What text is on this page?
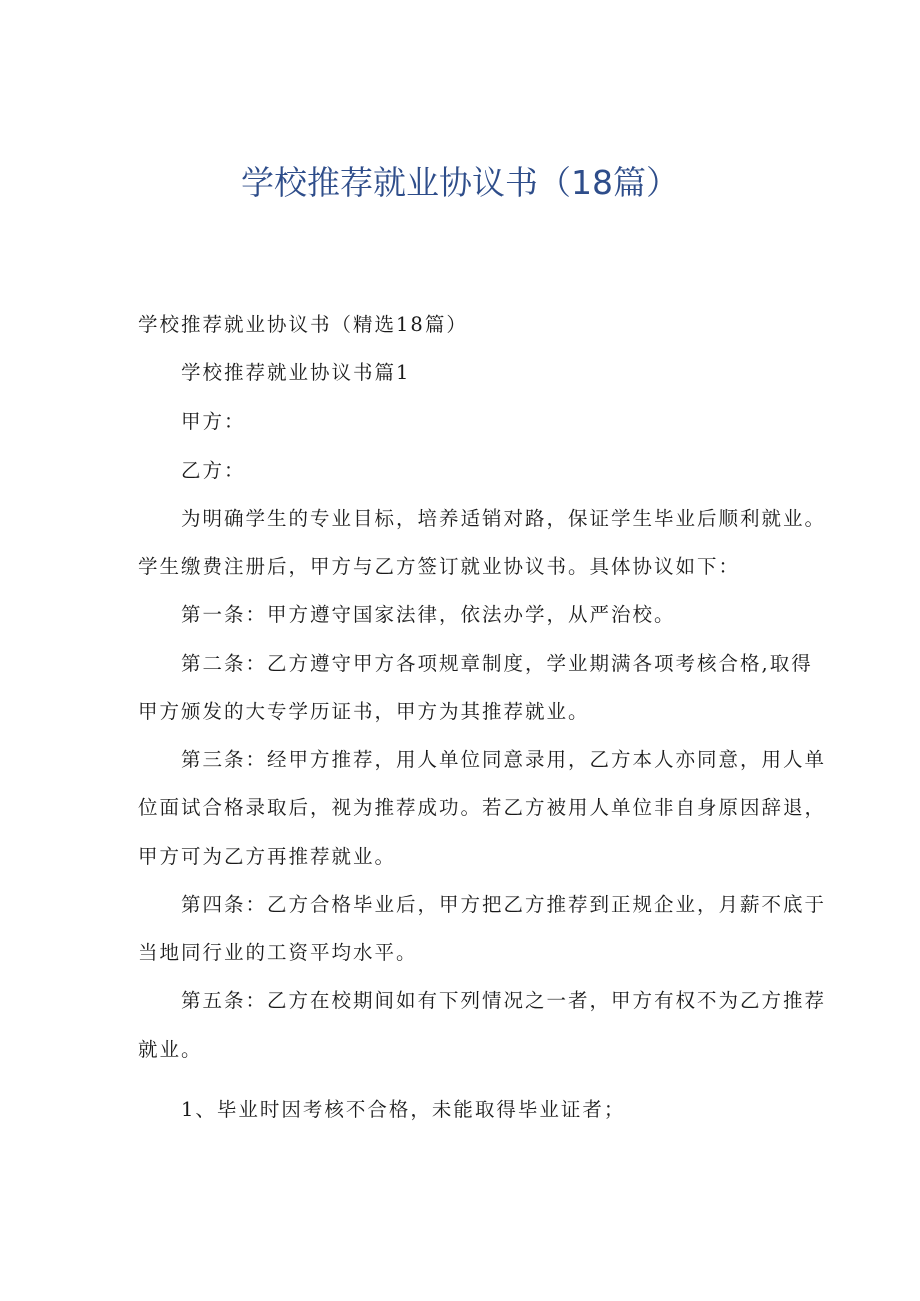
学校推荐就业协议书（18篇）
学校推荐就业协议书（精选18篇）
学校推荐就业协议书篇1
甲方：
乙方：
为明确学生的专业目标，培养适销对路，保证学生毕业后顺利就业。
学生缴费注册后，甲方与乙方签订就业协议书。具体协议如下：
第一条：甲方遵守国家法律，依法办学，从严治校。
第二条：乙方遵守甲方各项规章制度，学业期满各项考核合格,取得
甲方颁发的大专学历证书，甲方为其推荐就业。
第三条：经甲方推荐，用人单位同意录用，乙方本人亦同意，用人单
位面试合格录取后，视为推荐成功。若乙方被用人单位非自身原因辞退，
甲方可为乙方再推荐就业。
第四条：乙方合格毕业后，甲方把乙方推荐到正规企业，月薪不底于
当地同行业的工资平均水平。
第五条：乙方在校期间如有下列情况之一者，甲方有权不为乙方推荐
就业。
1、毕业时因考核不合格，未能取得毕业证者；
